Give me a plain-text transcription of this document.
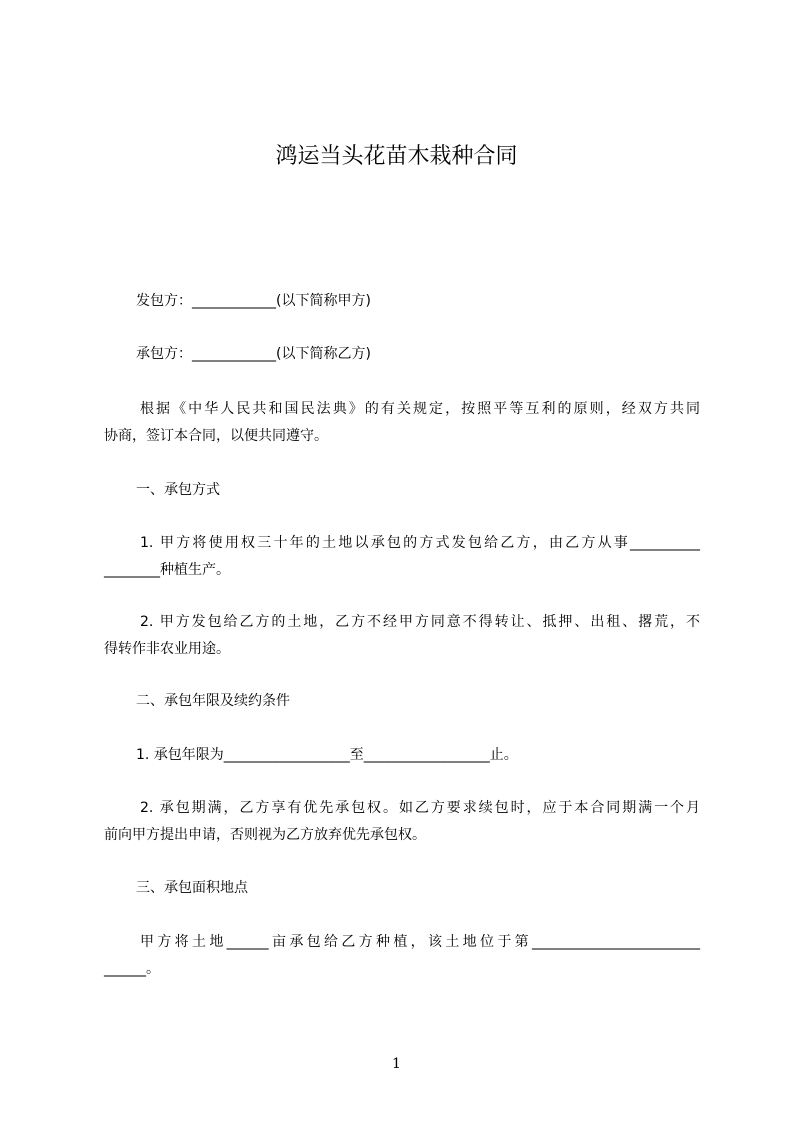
鸿运当头花苗木栽种合同
发包方：____________(以下简称甲方)
承包方：____________(以下简称乙方)
根据《中华人民共和国民法典》的有关规定，按照平等互利的原则，经双方共同
协商，签订本合同，以便共同遵守。
一、承包方式
1. 甲方将使用权三十年的土地以承包的方式发包给乙方，由乙方从事__________
________种植生产。
2. 甲方发包给乙方的土地，乙方不经甲方同意不得转让、抵押、出租、撂荒，不
得转作非农业用途。
二、承包年限及续约条件
1. 承包年限为__________________至__________________止。
2. 承包期满，乙方享有优先承包权。如乙方要求续包时，应于本合同期满一个月
前向甲方提出申请，否则视为乙方放弃优先承包权。
三、承包面积地点
甲方将土地______亩承包给乙方种植，该土地位于第________________________
______。
1
